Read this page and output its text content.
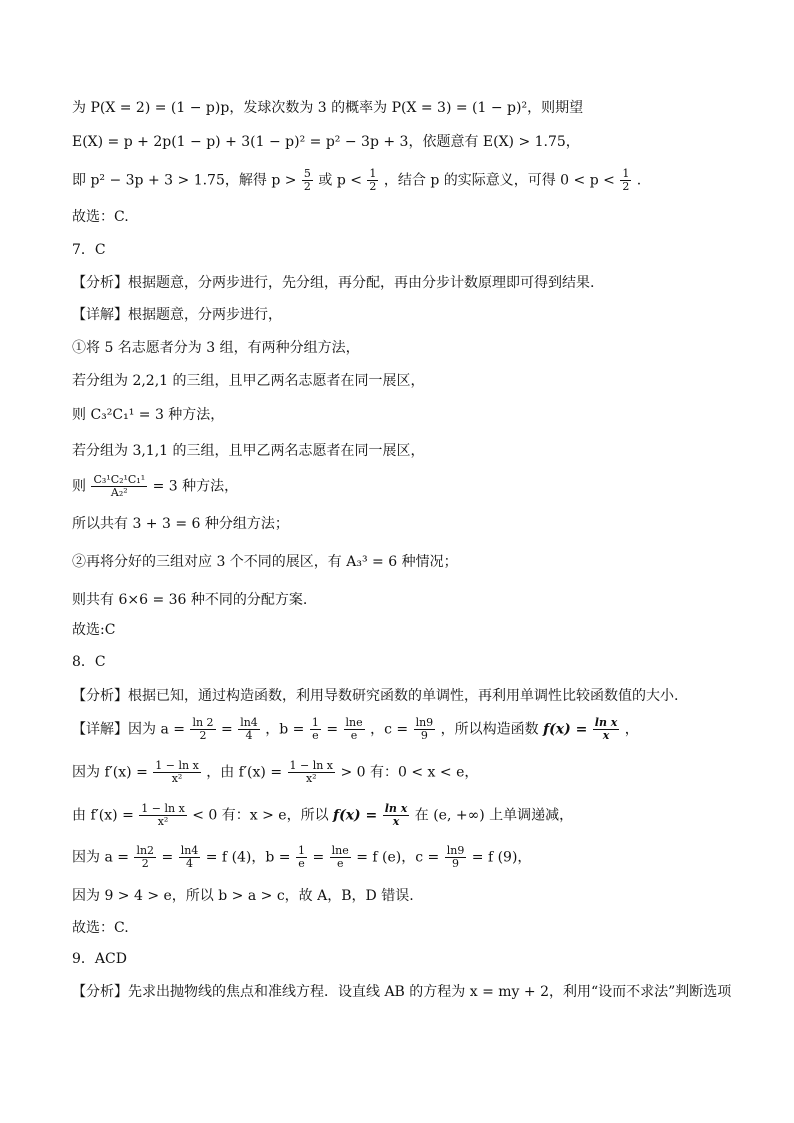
为 P(X = 2) = (1 − p)p，发球次数为 3 的概率为 P(X = 3) = (1 − p)²，则期望
E(X) = p + 2p(1 − p) + 3(1 − p)² = p² − 3p + 3，依题意有 E(X) > 1.75，
即 p² − 3p + 3 > 1.75，解得 $p > \frac{5}{2}$ 或 $p < \frac{1}{2}$ ，结合 p 的实际意义，可得 $0 < p < \frac{1}{2}$ .
故选：C.
7．C
【分析】根据题意，分两步进行，先分组，再分配，再由分步计数原理即可得到结果.
【详解】根据题意，分两步进行，
①将 5 名志愿者分为 3 组，有两种分组方法，
若分组为 2,2,1 的三组，且甲乙两名志愿者在同一展区，
则 C₃²C₁¹ = 3 种方法，
若分组为 3,1,1 的三组，且甲乙两名志愿者在同一展区，
则 $\frac{\text{C₃¹C₂¹C₁¹}}{\text{A₂²}} = 3$ 种方法，
所以共有 3 + 3 = 6 种分组方法；
②再将分好的三组对应 3 个不同的展区，有 A₃³ = 6 种情况；
则共有 6×6 = 36 种不同的分配方案.
故选:C
8．C
【分析】根据已知，通过构造函数，利用导数研究函数的单调性，再利用单调性比较函数值的大小.
【详解】因为 $a = \frac{\ln 2}{2} = \frac{\ln 4}{4}$ ，$b = \frac{1}{e} = \frac{\ln e}{e}$ ，$c = \frac{\ln 9}{9}$ ，所以构造函数 $f(x) = \frac{\text{ln x}}{x}$ ，
因为 $f'(x) = \frac{\text{1 − ln x}}{\text{x²}}$ ，由 $f'(x) = \frac{\text{1 − ln x}}{\text{x²}} > 0$ 有：0 < x < e，
由 $f'(x) = \frac{\text{1 − ln x}}{\text{x²}} < 0$ 有：x > e，所以 $f(x) = \frac{\text{ln x}}{x}$ 在 (e, +∞) 上单调递减，
因为 $a = \frac{\ln 2}{2} = \frac{\ln 4}{4} = f$ (4)，$b = \frac{1}{e} = \frac{\ln e}{e} = f$ (e)，$c = \frac{\ln 9}{9} = f$ (9)，
因为 9 > 4 > e，所以 b > a > c，故 A，B，D 错误.
故选：C.
9．ACD
【分析】先求出抛物线的焦点和准线方程．设直线 AB 的方程为 x = my + 2，利用“设而不求法”判断选项
